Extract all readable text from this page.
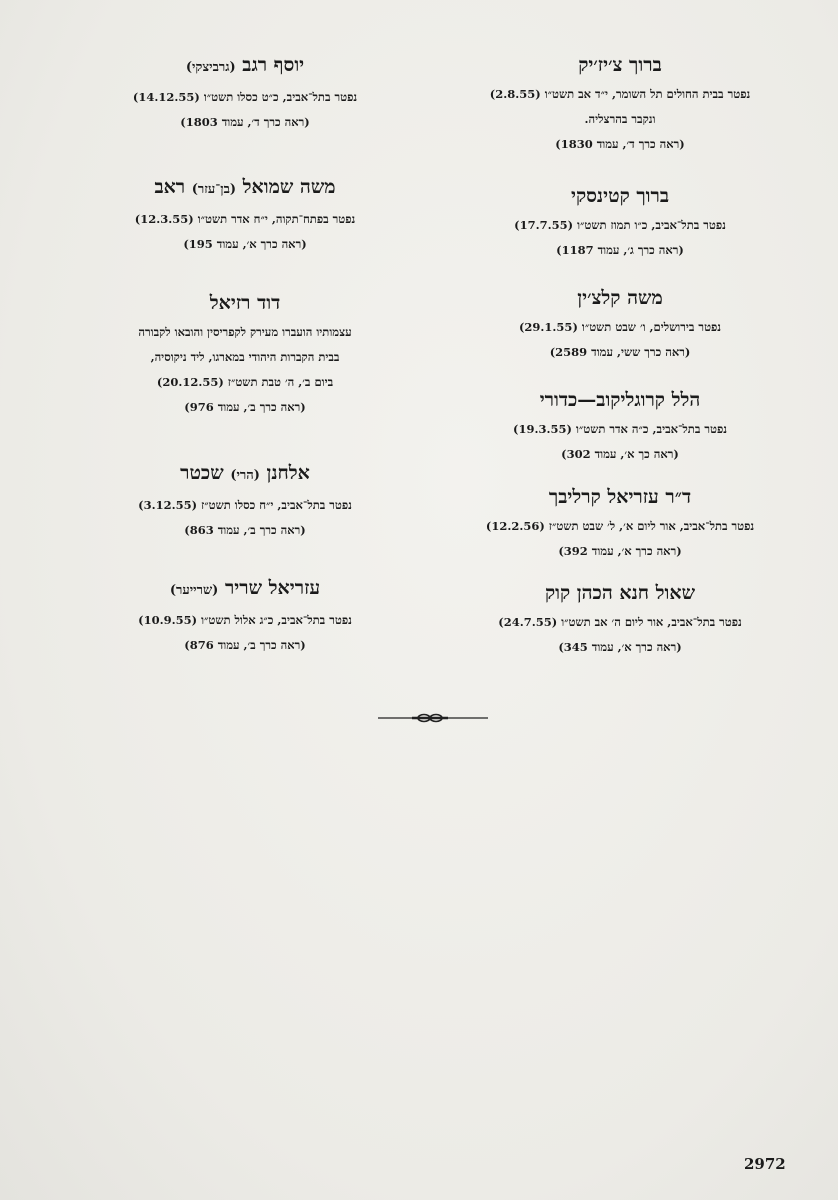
ברוך צ׳יז׳יק
נפטר בבית החולים תל השומר, י״ד אב תשט״ו (2.8.55)
ונקבר בהרצליה.
(ראה כרך ד׳, עמוד 1830)
ברוך קטינסקי
נפטר בתל־אביב, כ״ו תמוז תשט״ו (17.7.55)
(ראה כרך ג׳, עמוד 1187)
משה קלצ׳ין
נפטר בירושלים, ו׳ שבט תשט״ו (29.1.55)
(ראה כרך ששי, עמוד 2589)
הלל קרוגליקוב—כדורי
נפטר בתל־אביב, כ״ה אדר תשט״ו (19.3.55)
(ראה כך א׳, עמוד 302)
ד״ר עזריאל קרליבך
נפטר בתל־אביב, אור ליום א׳, ל׳ שבט תשט״ז (12.2.56)
(ראה כרך א׳, עמוד 392)
שאול חנא הכהן קוק
נפטר בתל־אביב, אור ליום ה׳ אב תשט״ו (24.7.55)
(ראה כרך א׳, עמוד 345)
יוסף רגב (גרביצקי)
נפטר בתל־אביב, כ״ט כסלו תשט״ו (14.12.55)
(ראה כרך ד׳, עמוד 1803)
משה שמואל (בן־עזר) ראב
נפטר בפתח־תקוה, י״ח אדר תשט״ו (12.3.55)
(ראה כרך א׳, עמוד 195)
דוד רזיאל
עצמותיו הועברו מעירק לקפריסין והובאו לקבורה
בבית הקברות היהודי במארגו, ליד ניקוסיה,
ביום ב׳, ה׳ טבת תשט״ז (20.12.55)
(ראה כרך ב׳, עמוד 976)
אלחנן (הרי) שכטר
נפטר בתל־אביב, י״ח כסלו תשט״ז (3.12.55)
(ראה כרך ב׳, עמוד 863)
עזריאל שריר (שרייער)
נפטר בתל־אביב, כ״ג אלול תשט״ו (10.9.55)
(ראה כרך ב׳, עמוד 876)
2972
